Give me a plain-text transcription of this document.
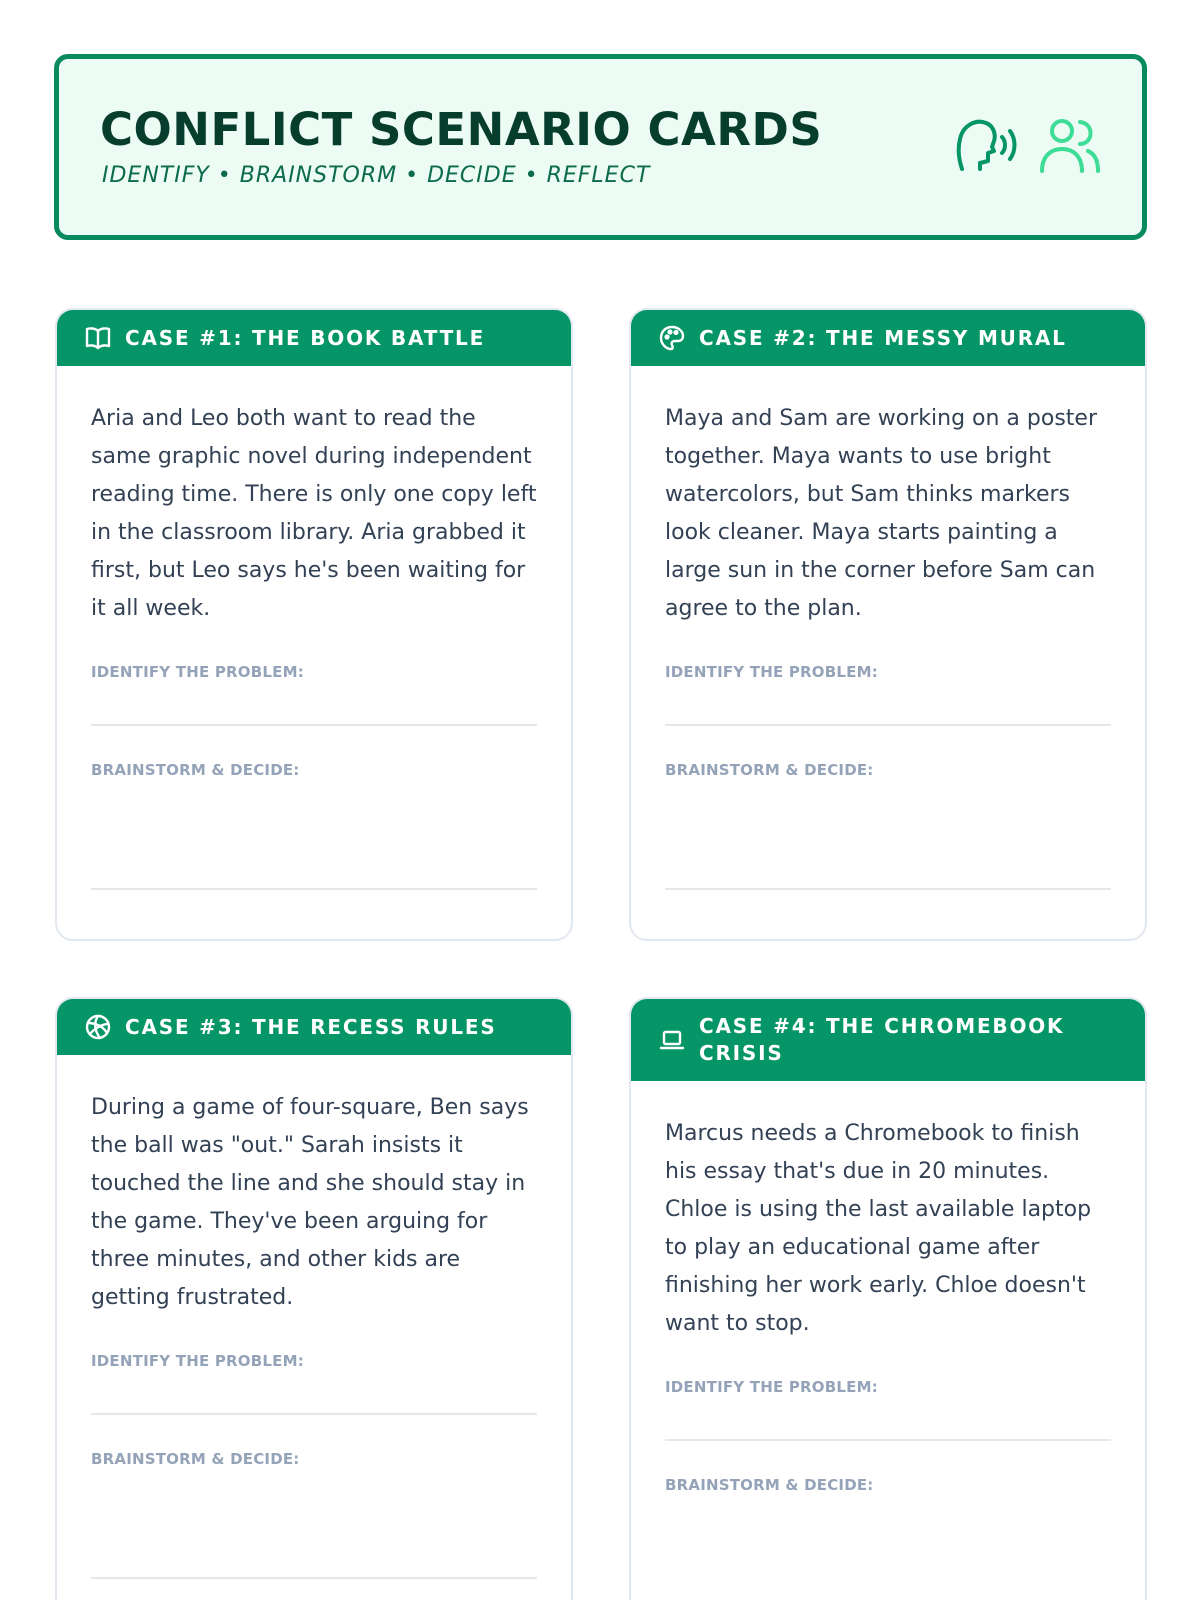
CONFLICT SCENARIO CARDS
IDENTIFY • BRAINSTORM • DECIDE • REFLECT
CASE #1: THE BOOK BATTLE

Aria and Leo both want to read the same graphic novel during independent reading time. There is only one copy left in the classroom library. Aria grabbed it first, but Leo says he's been waiting for it all week.

IDENTIFY THE PROBLEM:
BRAINSTORM & DECIDE:
CASE #2: THE MESSY MURAL

Maya and Sam are working on a poster together. Maya wants to use bright watercolors, but Sam thinks markers look cleaner. Maya starts painting a large sun in the corner before Sam can agree to the plan.

IDENTIFY THE PROBLEM:
BRAINSTORM & DECIDE:
CASE #3: THE RECESS RULES

During a game of four-square, Ben says the ball was "out." Sarah insists it touched the line and she should stay in the game. They've been arguing for three minutes, and other kids are getting frustrated.

IDENTIFY THE PROBLEM:
BRAINSTORM & DECIDE:
CASE #4: THE CHROMEBOOK CRISIS

Marcus needs a Chromebook to finish his essay that's due in 20 minutes. Chloe is using the last available laptop to play an educational game after finishing her work early. Chloe doesn't want to stop.

IDENTIFY THE PROBLEM:
BRAINSTORM & DECIDE:
